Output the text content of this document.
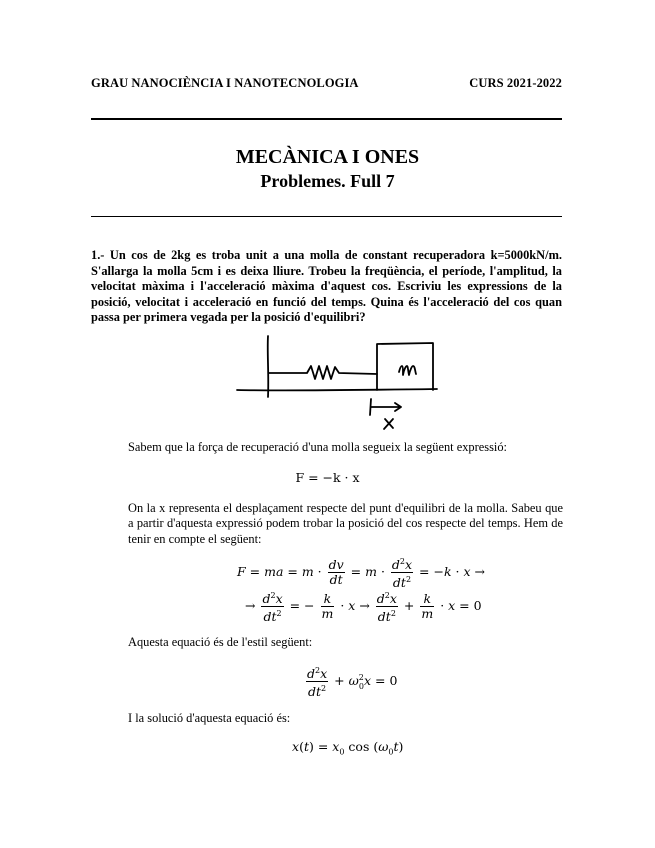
GRAU NANOCIÈNCIA I NANOTECNOLOGIA	CURS 2021-2022
MECÀNICA I ONES
Problemes. Full 7
1.- Un cos de 2kg es troba unit a una molla de constant recuperadora k=5000kN/m. S'allarga la molla 5cm i es deixa lliure. Trobeu la freqüència, el període, l'amplitud, la velocitat màxima i l'acceleració màxima d'aquest cos. Escriviu les expressions de la posició, velocitat i acceleració en funció del temps. Quina és l'acceleració del cos quan passa per primera vegada per la posició d'equilibri?
Sabem que la força de recuperació d'una molla segueix la següent expressió:
F = −k · x
On la x representa el desplaçament respecte del punt d'equilibri de la molla. Sabeu que a partir d'aquesta expressió podem trobar la posició del cos respecte del temps. Hem de tenir en compte el següent:
F = ma = $m \cdot \frac{dv}{dt} = m \cdot \frac{d^2x}{dt^2} = -k \cdot x$ →
→ $\frac{d^2x}{dt^2}$ = − $\frac{k}{m} \cdot x \to \frac{d^2x}{dt^2} + \frac{k}{m} \cdot x = 0$
Aquesta equació és de l'estil següent:
$\frac{d^2x}{dt^2} + \omega^2_0x = 0$
I la solució d'aquesta equació és:
$x(t) = x_0$ $\cos (\omega_0t)$
